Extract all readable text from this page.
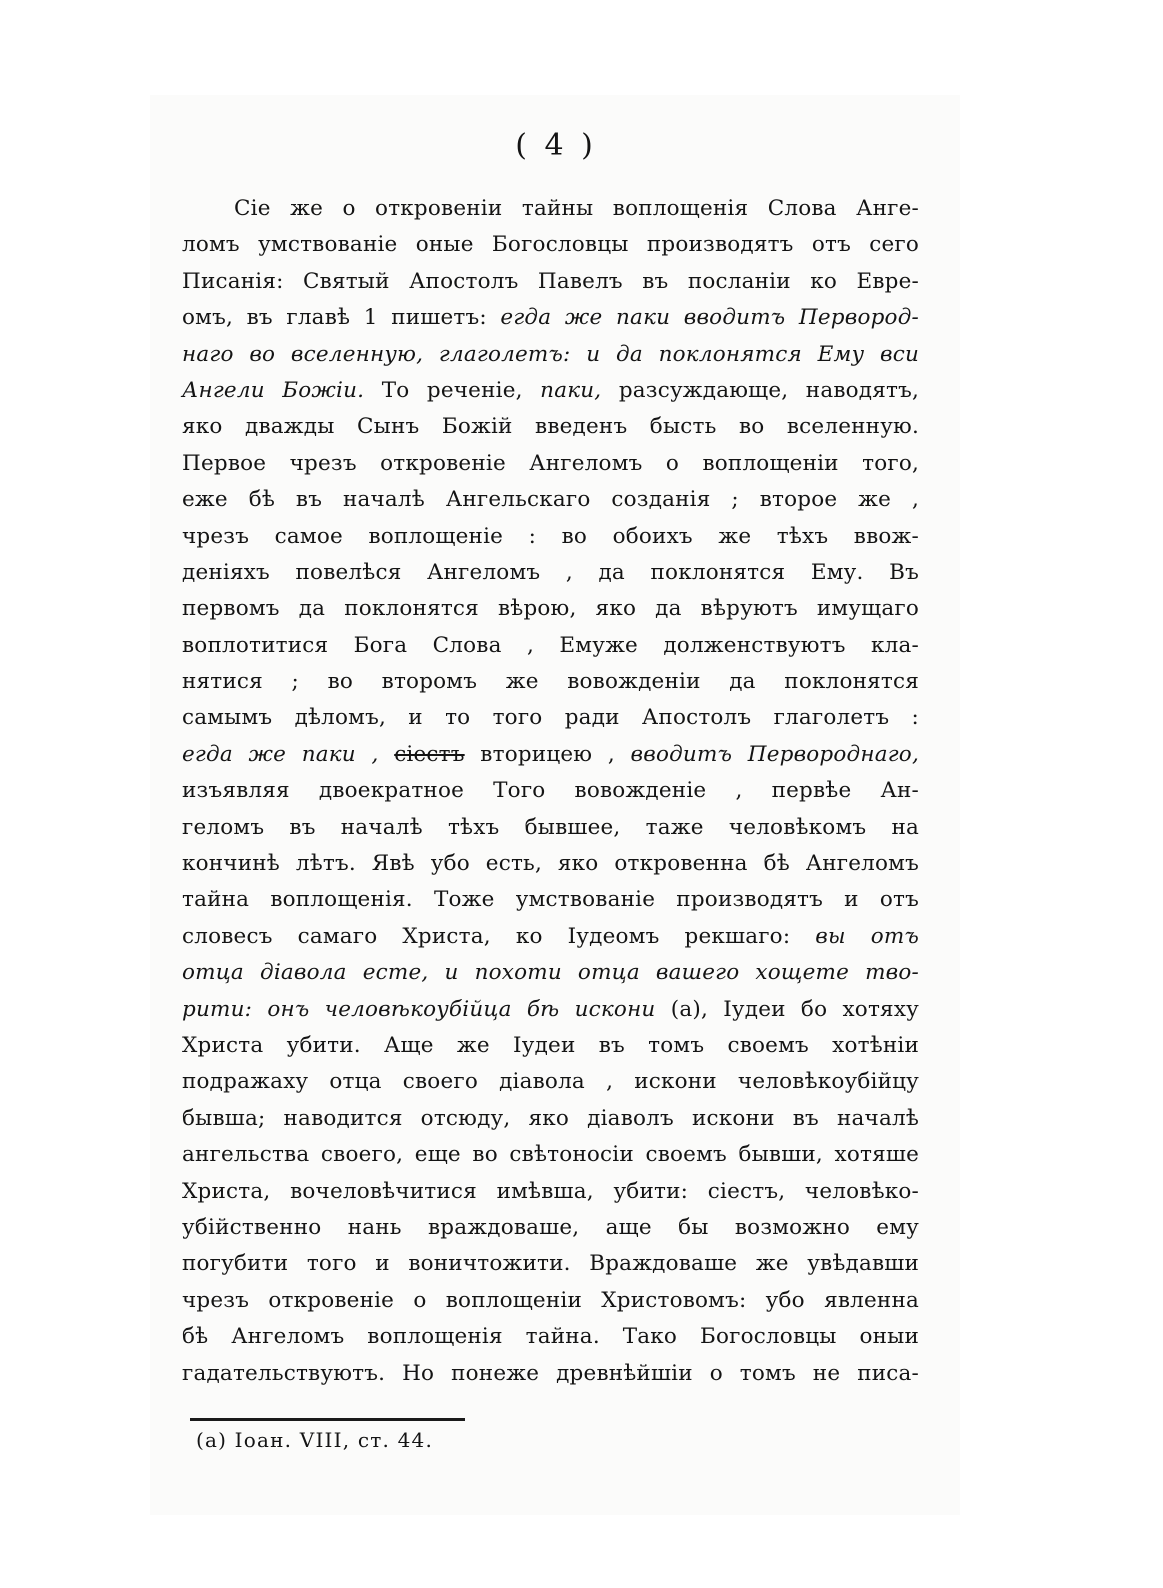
( 4 )
Сіе же о откровеніи тайны воплощенія Слова Анге-
ломъ умствованіе оные Богословцы производятъ отъ сего
Писанія: Святый Апостолъ Павелъ въ посланіи ко Евре-
омъ, въ главѣ 1 пишетъ: егда же паки вводитъ Первород-
наго во вселенную, глаголетъ: и да поклонятся Ему вси
Ангели Божіи. То реченіе, паки, разсуждающе, наводятъ,
яко дважды Сынъ Божій введенъ бысть во вселенную.
Первое чрезъ откровеніе Ангеломъ о воплощеніи того,
еже бѣ въ началѣ Ангельскаго созданія ; второе же ,
чрезъ самое воплощеніе : во обоихъ же тѣхъ ввож-
деніяхъ повелѣся Ангеломъ , да поклонятся Ему. Въ
первомъ да поклонятся вѣрою, яко да вѣруютъ имущаго
воплотитися Бога Слова , Емуже долженствуютъ кла-
нятися ; во второмъ же вовожденіи да поклонятся
самымъ дѣломъ, и то того ради Апостолъ глаголетъ :
егда же паки , сіестъ вторицею , вводитъ Первороднаго,
изъявляя двоекратное Того вовожденіе , первѣе Ан-
геломъ въ началѣ тѣхъ бывшее, таже человѣкомъ на
кончинѣ лѣтъ. Явѣ убо есть, яко откровенна бѣ Ангеломъ
тайна воплощенія. Тоже умствованіе производятъ и отъ
словесъ самаго Христа, ко Іудеомъ рекшаго: вы отъ
отца діавола есте, и похоти отца вашего хощете тво-
рити: онъ человѣкоубійца бѣ искони (а), Іудеи бо хотяху
Христа убити. Аще же Іудеи въ томъ своемъ хотѣніи
подражаху отца своего діавола , искони человѣкоубійцу
бывша; наводится отсюду, яко діаволъ искони въ началѣ
ангельства своего, еще во свѣтоносіи своемъ бывши, хотяше
Христа, вочеловѣчитися имѣвша, убити: сіестъ, человѣко-
убійственно нань враждоваше, аще бы возможно ему
погубити того и воничтожити. Враждоваше же увѣдавши
чрезъ откровеніе о воплощеніи Христовомъ: убо явленна
бѣ Ангеломъ воплощенія тайна. Тако Богословцы оныи
гадательствуютъ. Но понеже древнѣйшіи о томъ не писа-

(а) Іоан. VIII, ст. 44.
